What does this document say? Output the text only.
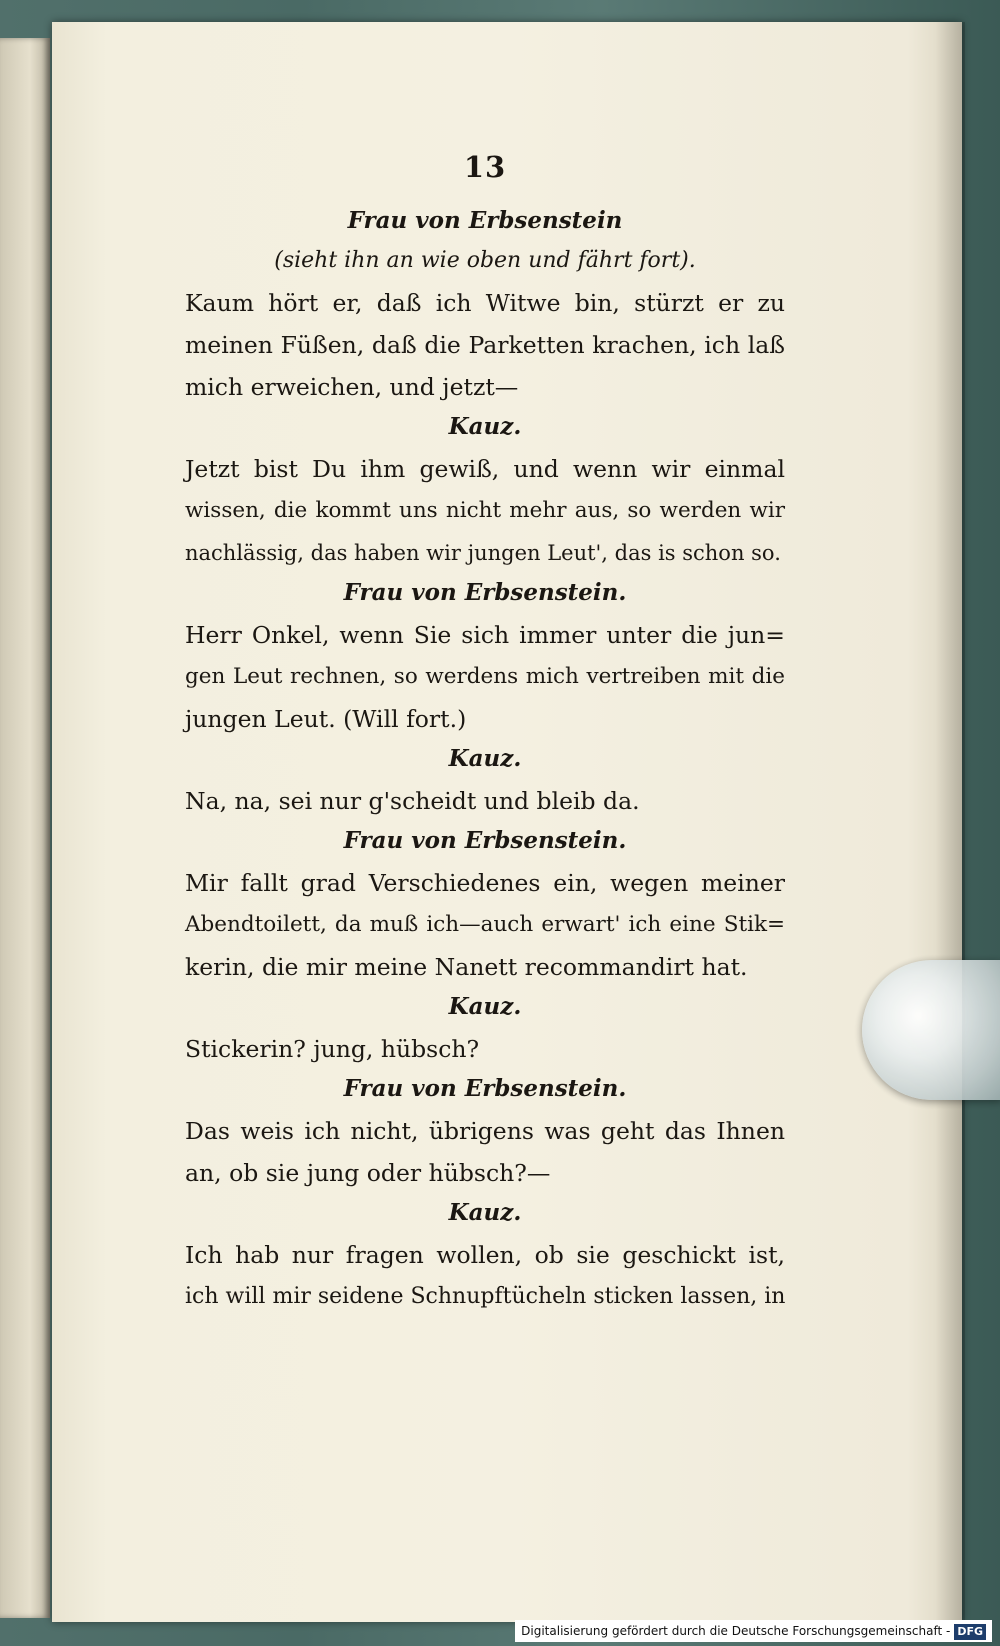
13
Frau von Erbsenstein
(sieht ihn an wie oben und fährt fort).
Kaum hört er, daß ich Witwe bin, stürzt er zu
meinen Füßen, daß die Parketten krachen, ich laß
mich erweichen, und jetzt—
Kauz.
Jetzt bist Du ihm gewiß, und wenn wir einmal
wissen, die kommt uns nicht mehr aus, so werden wir
nachlässig, das haben wir jungen Leut', das is schon so.
Frau von Erbsenstein.
Herr Onkel, wenn Sie sich immer unter die jun=
gen Leut rechnen, so werdens mich vertreiben mit die
jungen Leut. (Will fort.)
Kauz.
Na, na, sei nur g'scheidt und bleib da.
Frau von Erbsenstein.
Mir fallt grad Verschiedenes ein, wegen meiner
Abendtoilett, da muß ich—auch erwart' ich eine Stik=
kerin, die mir meine Nanett recommandirt hat.
Kauz.
Stickerin? jung, hübsch?
Frau von Erbsenstein.
Das weis ich nicht, übrigens was geht das Ihnen
an, ob sie jung oder hübsch?—
Kauz.
Ich hab nur fragen wollen, ob sie geschickt ist,
ich will mir seidene Schnupftücheln sticken lassen, in
Digitalisierung gefördert durch die Deutsche Forschungsgemeinschaft - DFG
